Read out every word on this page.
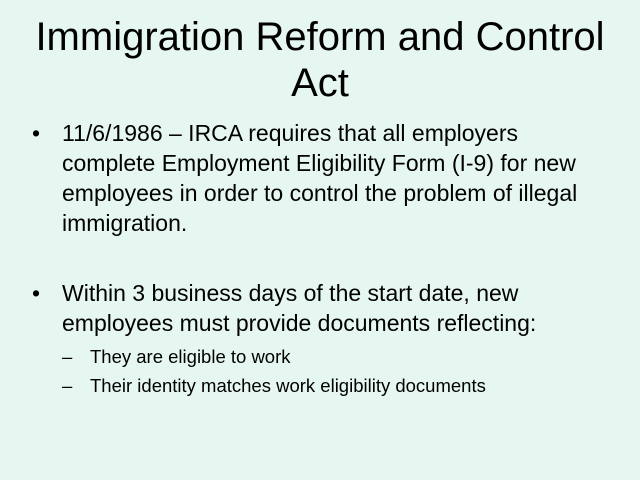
Immigration Reform and Control Act
• 11/6/1986 – IRCA requires that all employers complete Employment Eligibility Form (I-9) for new employees in order to control the problem of illegal immigration.
• Within 3 business days of the start date, new employees must provide documents reflecting:
– They are eligible to work
– Their identity matches work eligibility documents
